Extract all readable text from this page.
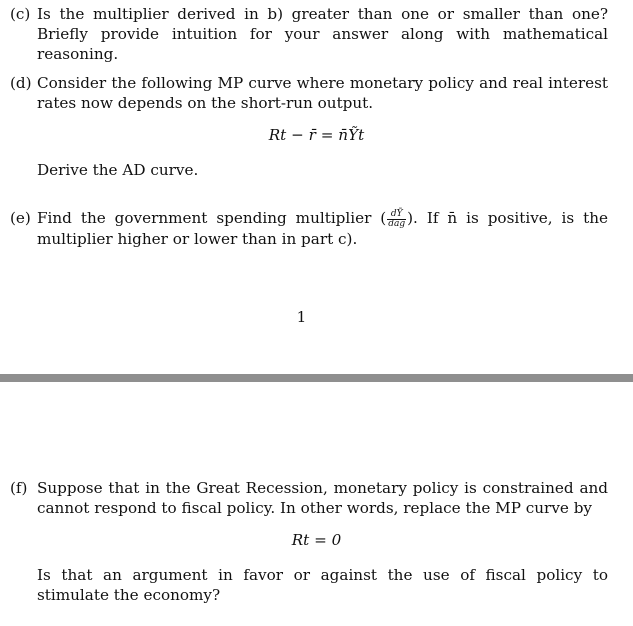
(c) Is the multiplier derived in b) greater than one or smaller than one? Briefly provide intuition for your answer along with mathematical reasoning.
(d) Consider the following MP curve where monetary policy and real interest rates now depends on the short-run output.
Rt − r̄ = n̄Ỹt
Derive the AD curve.
(e) Find the government spending multiplier ( $\frac{\text{dỸ}}{\text{dāg}}$ ). If n̄ is positive, is the multiplier higher or lower than in part c).
1
(f) Suppose that in the Great Recession, monetary policy is constrained and cannot respond to fiscal policy. In other words, replace the MP curve by
Rt = 0
Is that an argument in favor or against the use of fiscal policy to stimulate the economy?
